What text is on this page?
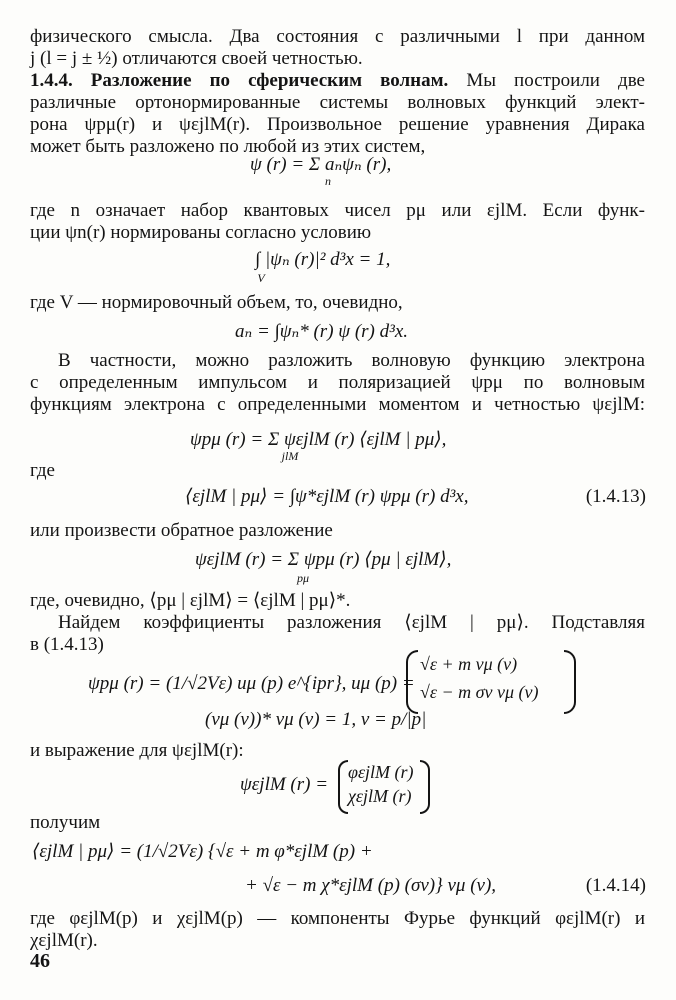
физического смысла. Два состояния с различными l при данном
j (l = j ± ½) отличаются своей четностью.
1.4.4. Разложение по сферическим волнам. Мы построили две
различные ортонормированные системы волновых функций элект-
рона ψpμ(r) и ψεjlM(r). Произвольное решение уравнения Дирака
может быть разложено по любой из этих систем,
ψ (r) = Σ aₙψₙ (r),
n
где n означает набор квантовых чисел pμ или εjlM. Если функ-
ции ψn(r) нормированы согласно условию
∫ |ψₙ (r)|² d³x = 1,
V
где V — нормировочный объем, то, очевидно,
aₙ = ∫ψₙ* (r) ψ (r) d³x.
В частности, можно разложить волновую функцию электрона
с определенным импульсом и поляризацией ψpμ по волновым
функциям электрона с определенными моментом и четностью ψεjlM:
ψpμ (r) = Σ ψεjlM (r) ⟨εjlM | pμ⟩,
jlM
где
⟨εjlM | pμ⟩ = ∫ψ*εjlM (r) ψpμ (r) d³x,	(1.4.13)
или произвести обратное разложение
ψεjlM (r) = Σ ψpμ (r) ⟨pμ | εjlM⟩,
pμ
где, очевидно, ⟨pμ | εjlM⟩ = ⟨εjlM | pμ⟩*.
Найдем коэффициенты разложения ⟨εjlM | pμ⟩. Подставляя
в (1.4.13)
ψpμ (r) = (1/√2Vε) uμ (p) e^{ipr}, uμ (p) =
√ε + m vμ (v)
√ε − m σv vμ (v)
(vμ (v))* vμ (v) = 1, v = p/|p|
и выражение для ψεjlM(r):
ψεjlM (r) =
φεjlM (r)
χεjlM (r)
получим
⟨εjlM | pμ⟩ = (1/√2Vε) {√ε + m φ*εjlM (p) +
+ √ε − m χ*εjlM (p) (σv)} vμ (v),	(1.4.14)
где φεjlM(p) и χεjlM(p) — компоненты Фурье функций φεjlM(r) и
χεjlM(r).
46
